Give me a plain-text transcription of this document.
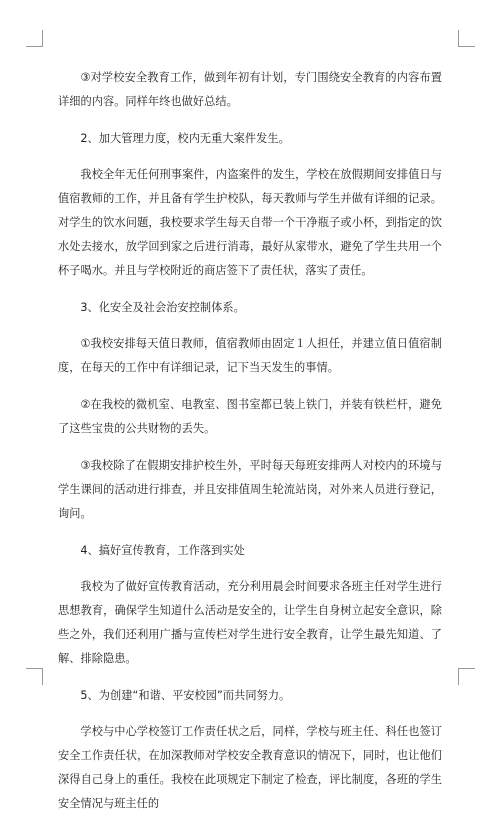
③对学校安全教育工作，做到年初有计划，专门围绕安全教育的内容布置详细的内容。同样年终也做好总结。

2、加大管理力度，校内无重大案件发生。

我校全年无任何刑事案件，内盗案件的发生，学校在放假期间安排值日与值宿教师的工作，并且备有学生护校队，每天教师与学生并做有详细的记录。对学生的饮水问题，我校要求学生每天自带一个干净瓶子或小杯，到指定的饮水处去接水，放学回到家之后进行消毒，最好从家带水，避免了学生共用一个杯子喝水。并且与学校附近的商店签下了责任状，落实了责任。

3、化安全及社会治安控制体系。

①我校安排每天值日教师，值宿教师由固定１人担任，并建立值日值宿制度，在每天的工作中有详细记录，记下当天发生的事情。

②在我校的微机室、电教室、图书室都已装上铁门，并装有铁栏杆，避免了这些宝贵的公共财物的丢失。

③我校除了在假期安排护校生外，平时每天每班安排两人对校内的环境与学生课间的活动进行排查，并且安排值周生轮流站岗，对外来人员进行登记，询问。

4、搞好宣传教育，工作落到实处

我校为了做好宣传教育活动，充分利用晨会时间要求各班主任对学生进行思想教育，确保学生知道什么活动是安全的，让学生自身树立起安全意识，除些之外，我们还利用广播与宣传栏对学生进行安全教育，让学生最先知道、了解、排除隐患。

5、为创建“和谐、平安校园”而共同努力。

学校与中心学校签订工作责任状之后，同样，学校与班主任、科任也签订安全工作责任状，在加深教师对学校安全教育意识的情况下，同时，也让他们深得自己身上的重任。我校在此项规定下制定了检查，评比制度，各班的学生安全情况与班主任的
